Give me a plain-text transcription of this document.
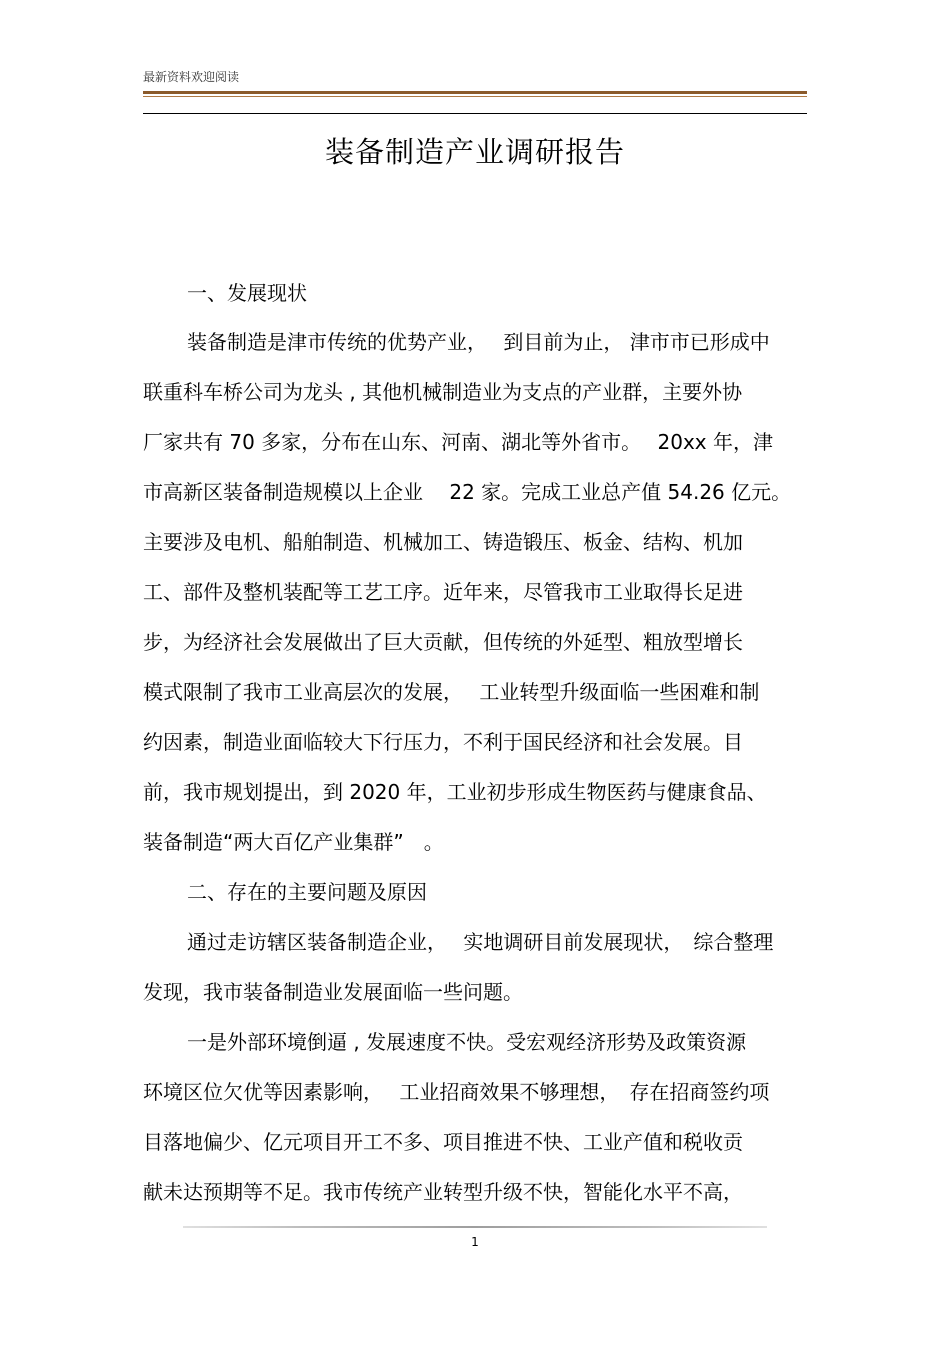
最新资料欢迎阅读
装备制造产业调研报告
一、发展现状
装备制造是津市传统的优势产业，　 到目前为止， 津市市已形成中
联重科车桥公司为龙头 , 其他机械制造业为支点的产业群，主要外协
厂家共有 70 多家，分布在山东、河南、湖北等外省市。　 20xx 年，津
市高新区装备制造规模以上企业　 22 家。完成工业总产值 54.26 亿元。
主要涉及电机、船舶制造、机械加工、铸造锻压、板金、结构、机加
工、部件及整机装配等工艺工序。近年来，尽管我市工业取得长足进
步，为经济社会发展做出了巨大贡献，但传统的外延型、粗放型增长
模式限制了我市工业高层次的发展，　 工业转型升级面临一些困难和制
约因素，制造业面临较大下行压力，不利于国民经济和社会发展。目
前，我市规划提出，到 2020 年，工业初步形成生物医药与健康食品、
装备制造“两大百亿产业集群”　。
二、存在的主要问题及原因
通过走访辖区装备制造企业，　 实地调研目前发展现状，　综合整理
发现，我市装备制造业发展面临一些问题。
一是外部环境倒逼 , 发展速度不快。受宏观经济形势及政策资源
环境区位欠优等因素影响，　 工业招商效果不够理想，　存在招商签约项
目落地偏少、亿元项目开工不多、项目推进不快、工业产值和税收贡
献未达预期等不足。我市传统产业转型升级不快，智能化水平不高，
1
